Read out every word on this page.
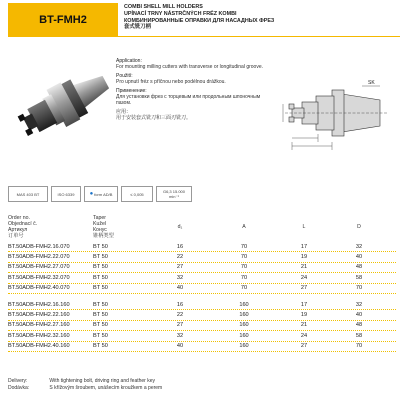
BT-FMH2
COMBI SHELL MILL HOLDERS
UPÍNACÍ TRNY NÁSTRČNÝCH FRÉZ KOMBI
КОМБИНИРОВАННЫЕ ОПРАВКИ ДЛЯ НАСАДНЫХ ФРЕЗ
套式铣刀柄
Application:
For mounting milling cutters with transverse or longitudinal groove.
Použití:
Pro upnutí fréz s příčnou nebo podélnou drážkou.
Применение:
Для установки фрез с торцевым или продольным шпоночным пазом.
应用：
用于安装套式铣刀和三面刃铣刀。
SK
MAS 403 BT	ISO 6339	● form AD/B	≤ 0,005	G6,3 15.000 min⁻¹
Order no.
Objednací č.
Артикул
订单号
Taper
Kužel
Конус
锥柄类型
d₁	A	L	D
BT.50ADB-FMH2.16.070	BT 50	16	70	17	32
BT.50ADB-FMH2.22.070	BT 50	22	70	19	40
BT.50ADB-FMH2.27.070	BT 50	27	70	21	48
BT.50ADB-FMH2.32.070	BT 50	32	70	24	58
BT.50ADB-FMH2.40.070	BT 50	40	70	27	70
BT.50ADB-FMH2.16.160	BT 50	16	160	17	32
BT.50ADB-FMH2.22.160	BT 50	22	160	19	40
BT.50ADB-FMH2.27.160	BT 50	27	160	21	48
BT.50ADB-FMH2.32.160	BT 50	32	160	24	58
BT.50ADB-FMH2.40.160	BT 50	40	160	27	70
Delivery:	With tightening bolt, driving ring and feather key
Dodávka:	S křížovým šroubem, unášecím kroužkem a perem
